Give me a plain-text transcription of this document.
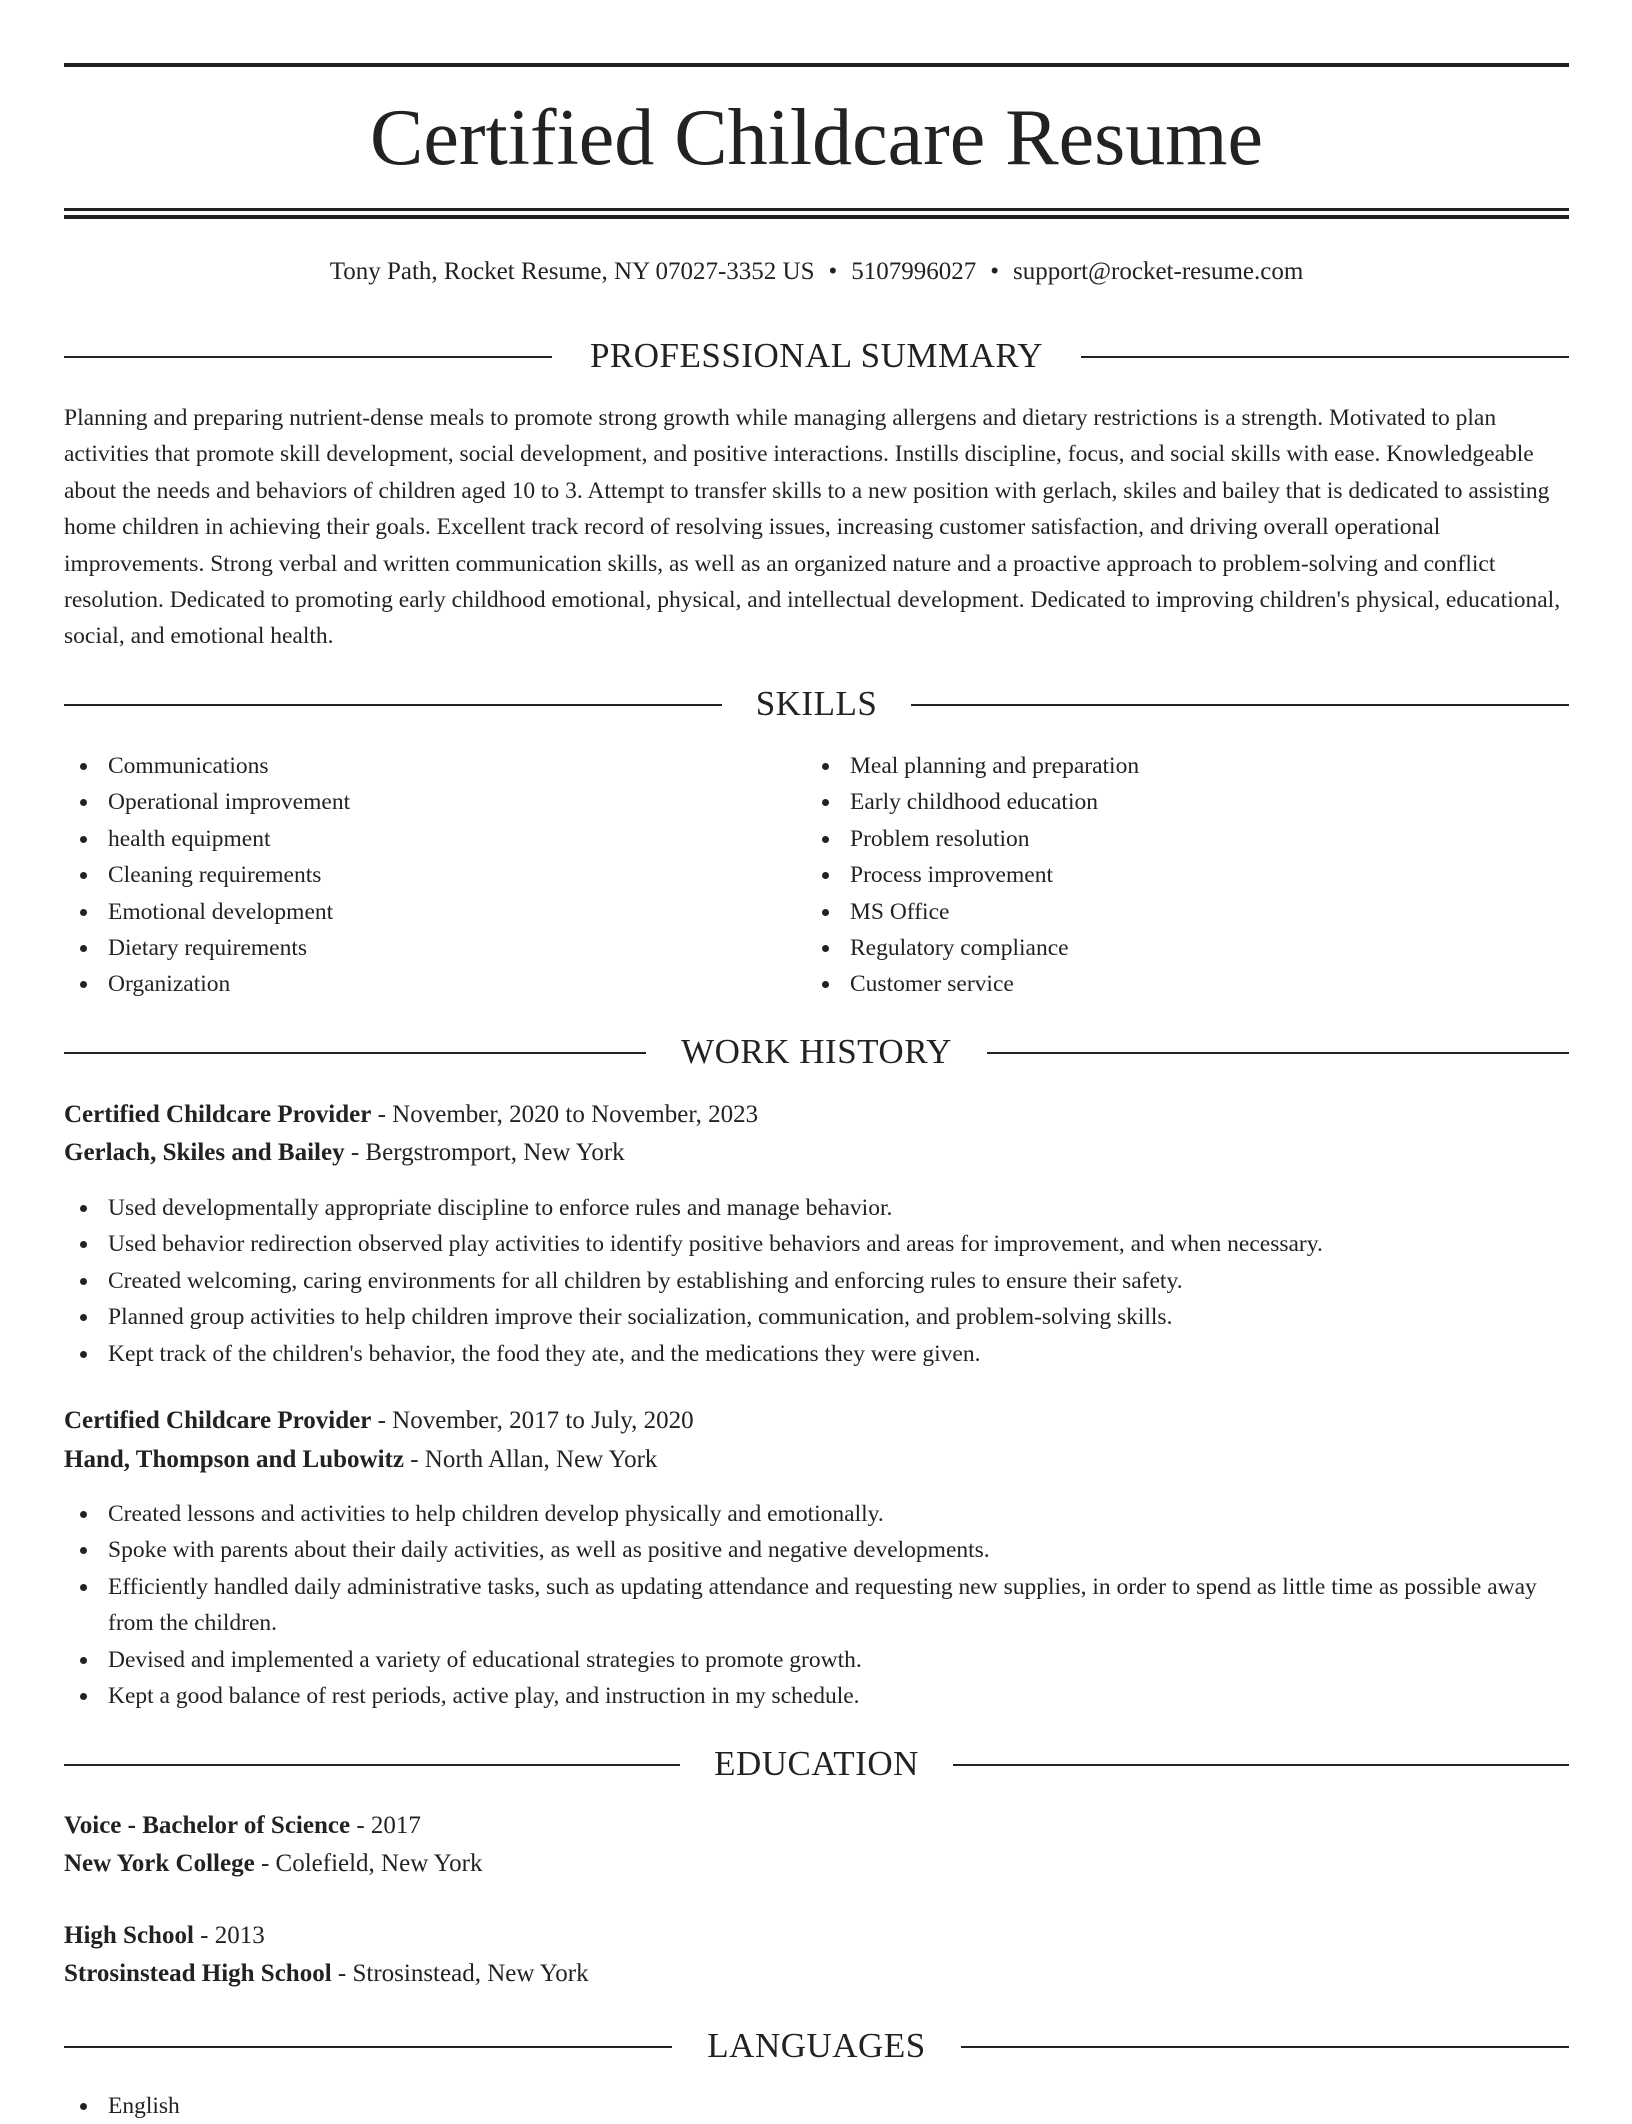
Certified Childcare Resume
Tony Path, Rocket Resume, NY 07027-3352 US • 5107996027 • support@rocket-resume.com
PROFESSIONAL SUMMARY

Planning and preparing nutrient-dense meals to promote strong growth while managing allergens and dietary restrictions is a strength. Motivated to plan activities that promote skill development, social development, and positive interactions. Instills discipline, focus, and social skills with ease. Knowledgeable about the needs and behaviors of children aged 10 to 3. Attempt to transfer skills to a new position with gerlach, skiles and bailey that is dedicated to assisting home children in achieving their goals. Excellent track record of resolving issues, increasing customer satisfaction, and driving overall operational improvements. Strong verbal and written communication skills, as well as an organized nature and a proactive approach to problem-solving and conflict resolution. Dedicated to promoting early childhood emotional, physical, and intellectual development. Dedicated to improving children's physical, educational, social, and emotional health.

SKILLS
Communications
Operational improvement
health equipment
Cleaning requirements
Emotional development
Dietary requirements
Organization
Meal planning and preparation
Early childhood education
Problem resolution
Process improvement
MS Office
Regulatory compliance
Customer service
WORK HISTORY
Certified Childcare Provider - November, 2020 to November, 2023
Gerlach, Skiles and Bailey - Bergstromport, New York
Used developmentally appropriate discipline to enforce rules and manage behavior.
Used behavior redirection observed play activities to identify positive behaviors and areas for improvement, and when necessary.
Created welcoming, caring environments for all children by establishing and enforcing rules to ensure their safety.
Planned group activities to help children improve their socialization, communication, and problem-solving skills.
Kept track of the children's behavior, the food they ate, and the medications they were given.
Certified Childcare Provider - November, 2017 to July, 2020
Hand, Thompson and Lubowitz - North Allan, New York
Created lessons and activities to help children develop physically and emotionally.
Spoke with parents about their daily activities, as well as positive and negative developments.
Efficiently handled daily administrative tasks, such as updating attendance and requesting new supplies, in order to spend as little time as possible away from the children.
Devised and implemented a variety of educational strategies to promote growth.
Kept a good balance of rest periods, active play, and instruction in my schedule.
EDUCATION
Voice - Bachelor of Science - 2017
New York College - Colefield, New York
High School - 2013
Strosinstead High School - Strosinstead, New York
LANGUAGES
English
